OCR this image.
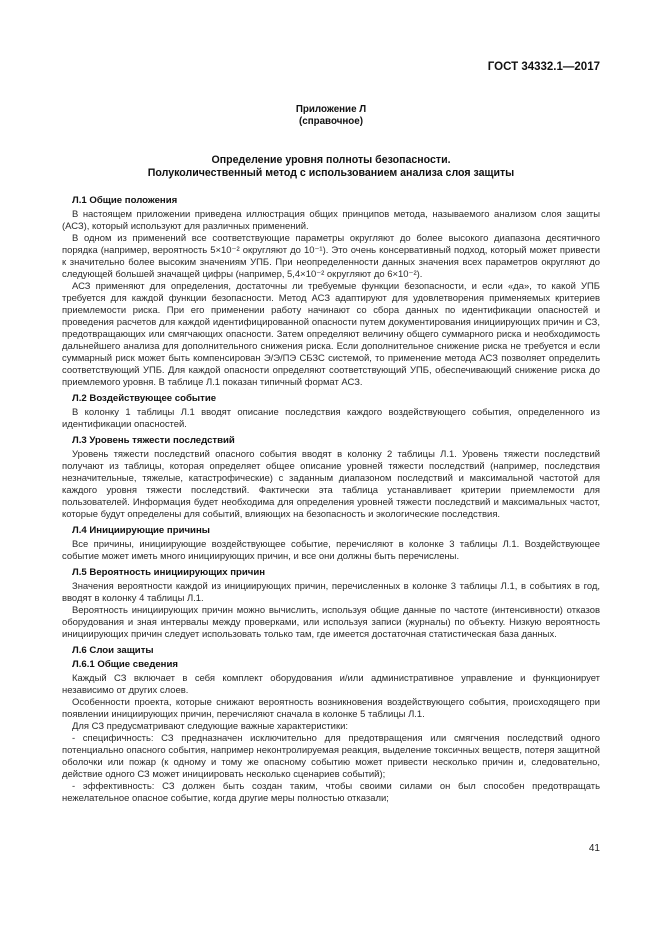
ГОСТ 34332.1—2017
Приложение Л
(справочное)
Определение уровня полноты безопасности.
Полуколичественный метод с использованием анализа слоя защиты
Л.1 Общие положения

В настоящем приложении приведена иллюстрация общих принципов метода, называемого анализом слоя защиты (АСЗ), который используют для различных применений.

В одном из применений все соответствующие параметры округляют до более высокого диапазона десятичного порядка (например, вероятность 5×10⁻² округляют до 10⁻¹). Это очень консервативный подход, который может привести к значительно более высоким значениям УПБ. При неопределенности данных значения всех параметров округляют до следующей большей значащей цифры (например, 5,4×10⁻² округляют до 6×10⁻²).

АСЗ применяют для определения, достаточны ли требуемые функции безопасности, и если «да», то какой УПБ требуется для каждой функции безопасности. Метод АСЗ адаптируют для удовлетворения применяемых критериев приемлемости риска. При его применении работу начинают со сбора данных по идентификации опасностей и проведения расчетов для каждой идентифицированной опасности путем документирования инициирующих причин и СЗ, предотвращающих или смягчающих опасности. Затем определяют величину общего суммарного риска и необходимость дальнейшего анализа для дополнительного снижения риска. Если дополнительное снижение риска не требуется и если суммарный риск может быть компенсирован Э/Э/ПЭ СБЗС системой, то применение метода АСЗ позволяет определить соответствующий УПБ. Для каждой опасности определяют соответствующий УПБ, обеспечивающий снижение риска до приемлемого уровня. В таблице Л.1 показан типичный формат АСЗ.

Л.2 Воздействующее событие

В колонку 1 таблицы Л.1 вводят описание последствия каждого воздействующего события, определенного из идентификации опасностей.

Л.3 Уровень тяжести последствий

Уровень тяжести последствий опасного события вводят в колонку 2 таблицы Л.1. Уровень тяжести последствий получают из таблицы, которая определяет общее описание уровней тяжести последствий (например, последствия незначительные, тяжелые, катастрофические) с заданным диапазоном последствий и максимальной частотой для каждого уровня тяжести последствий. Фактически эта таблица устанавливает критерии приемлемости для пользователей. Информация будет необходима для определения уровней тяжести последствий и максимальных частот, которые будут определены для событий, влияющих на безопасность и экологические последствия.

Л.4 Инициирующие причины

Все причины, инициирующие воздействующее событие, перечисляют в колонке 3 таблицы Л.1. Воздействующее событие может иметь много инициирующих причин, и все они должны быть перечислены.

Л.5 Вероятность инициирующих причин

Значения вероятности каждой из инициирующих причин, перечисленных в колонке 3 таблицы Л.1, в событиях в год, вводят в колонку 4 таблицы Л.1.

Вероятность инициирующих причин можно вычислить, используя общие данные по частоте (интенсивности) отказов оборудования и зная интервалы между проверками, или используя записи (журналы) по объекту. Низкую вероятность инициирующих причин следует использовать только там, где имеется достаточная статистическая база данных.

Л.6 Слои защиты
Л.6.1 Общие сведения

Каждый СЗ включает в себя комплект оборудования и/или административное управление и функционирует независимо от других слоев.

Особенности проекта, которые снижают вероятность возникновения воздействующего события, происходящего при появлении инициирующих причин, перечисляют сначала в колонке 5 таблицы Л.1.

Для СЗ предусматривают следующие важные характеристики:

- специфичность: СЗ предназначен исключительно для предотвращения или смягчения последствий одного потенциально опасного события, например неконтролируемая реакция, выделение токсичных веществ, потеря защитной оболочки или пожар (к одному и тому же опасному событию может привести несколько причин и, следовательно, действие одного СЗ может инициировать несколько сценариев событий);

- эффективность: СЗ должен быть создан таким, чтобы своими силами он был способен предотвращать нежелательное опасное событие, когда другие меры полностью отказали;

41
